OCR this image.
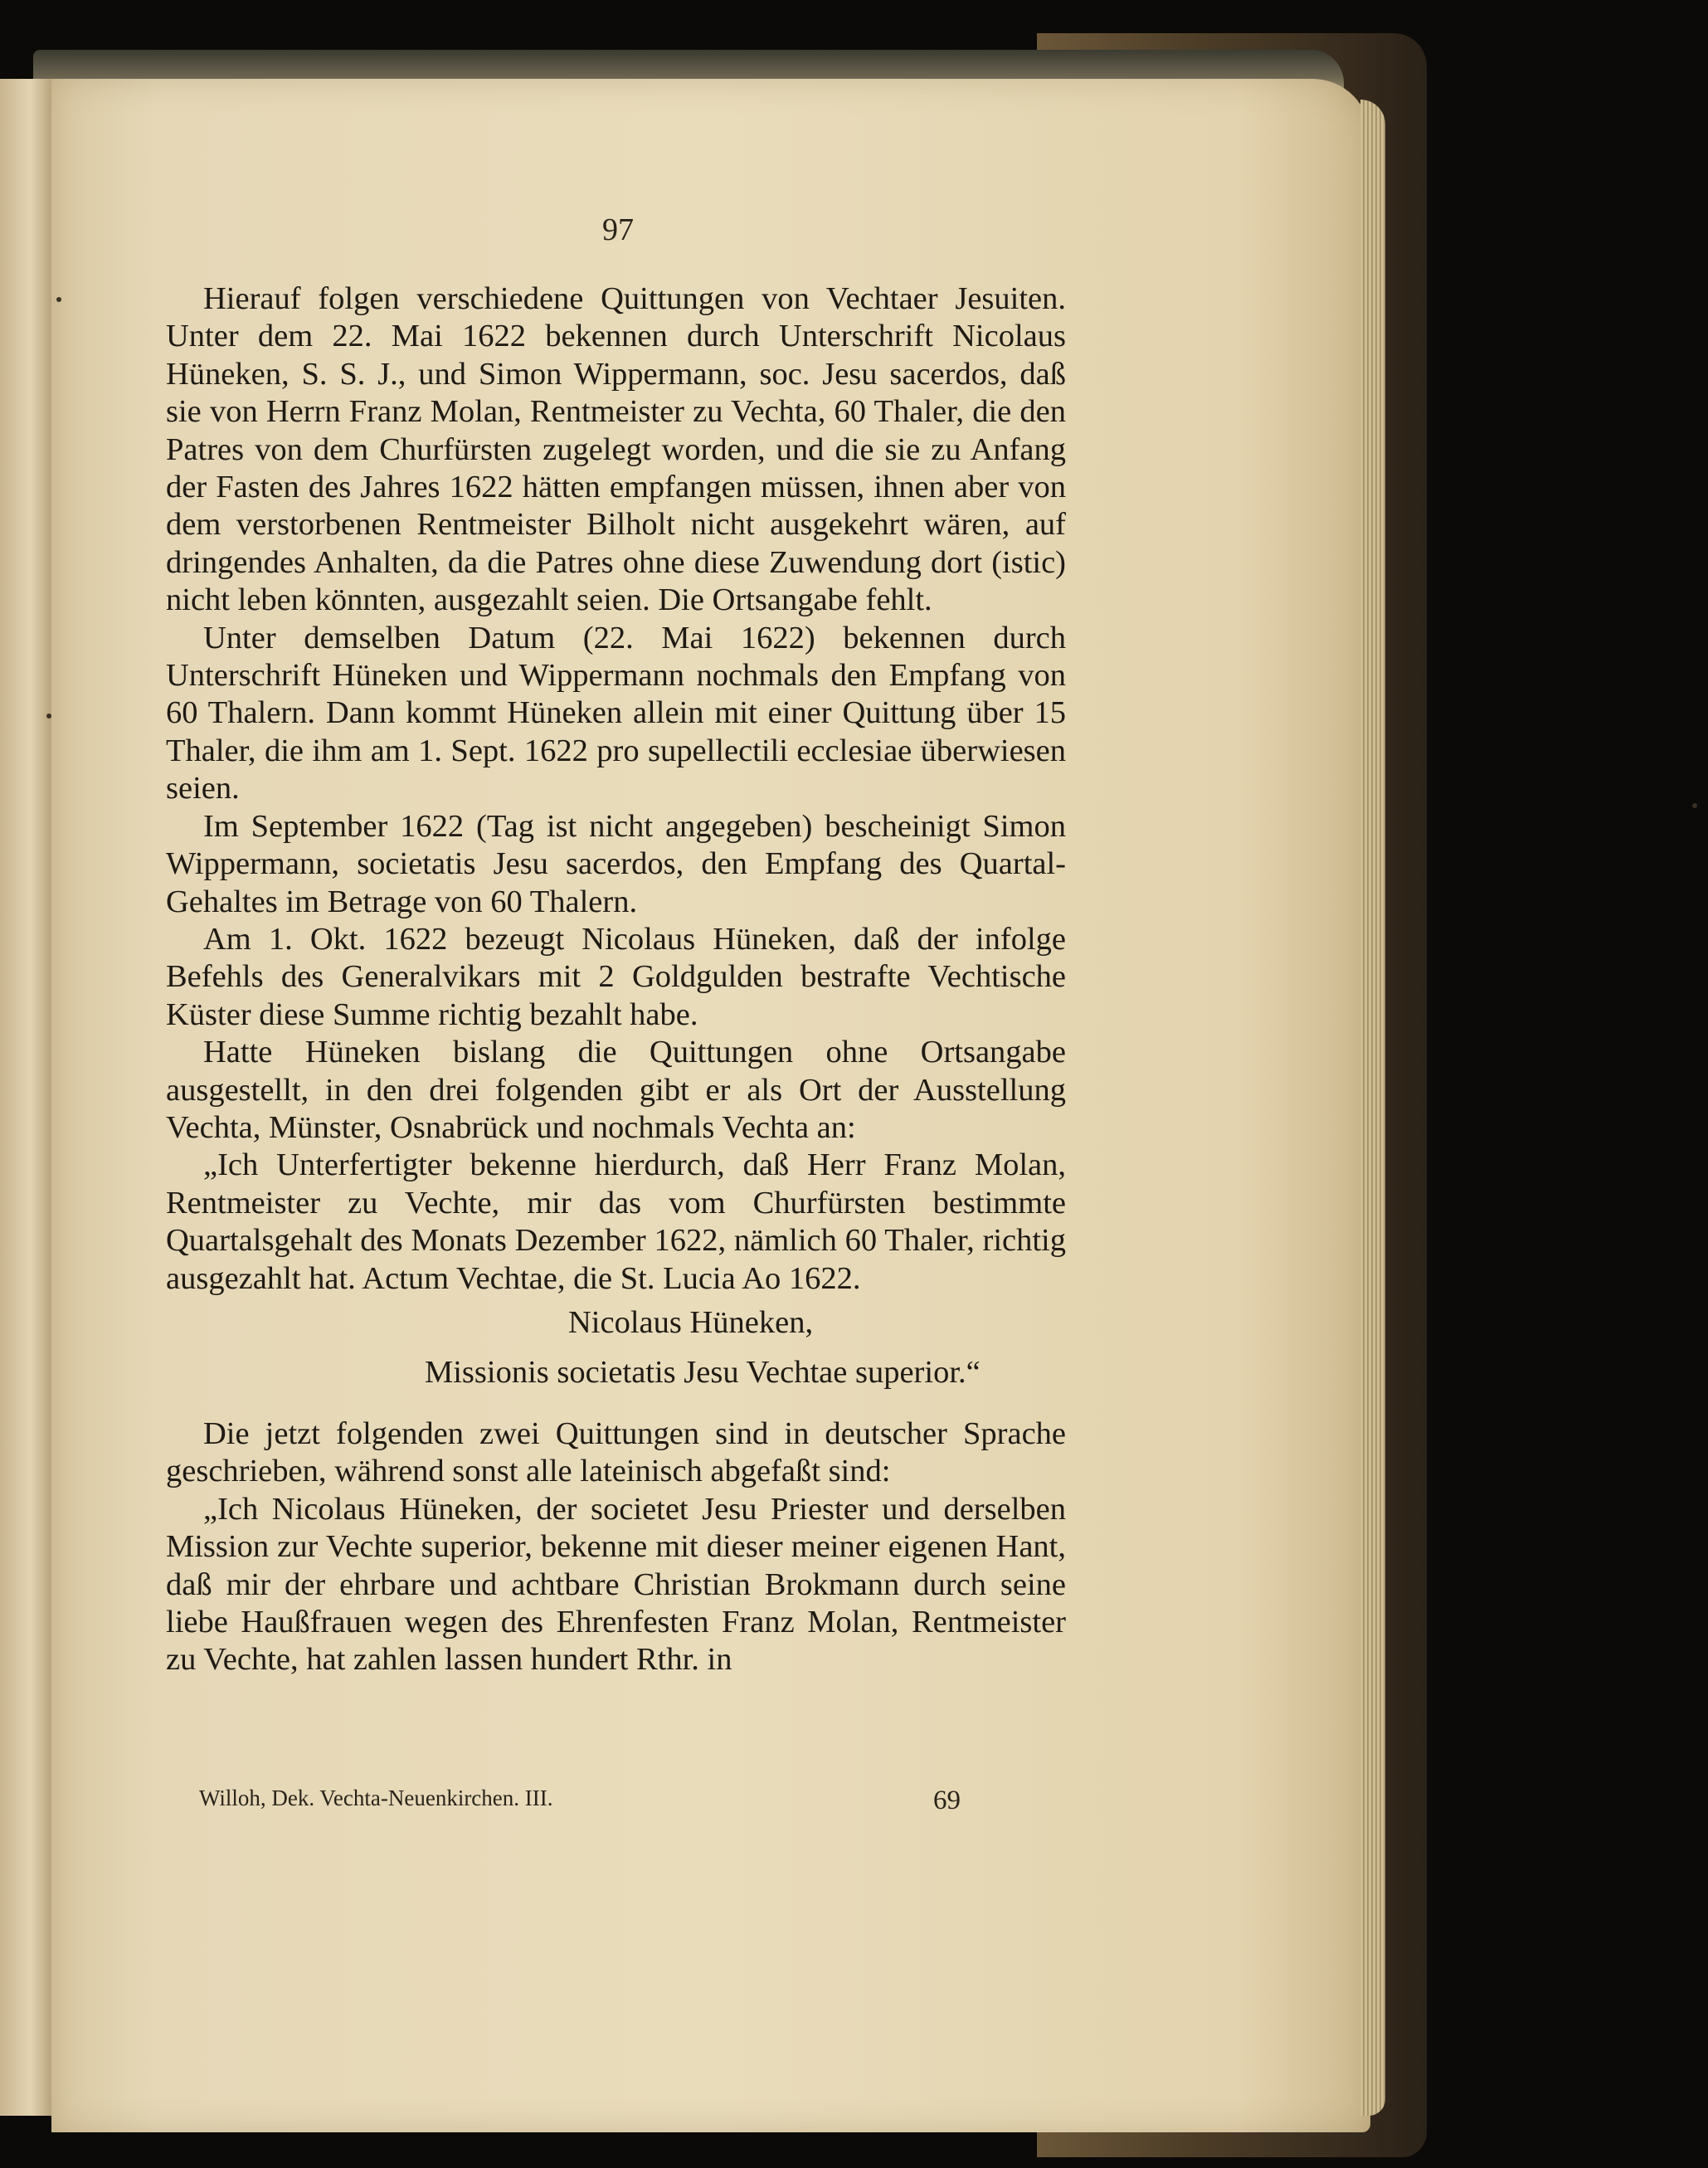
97

Hierauf folgen verschiedene Quittungen von Vechtaer Jesuiten. Unter dem 22. Mai 1622 bekennen durch Unterschrift Nicolaus Hüneken, S. S. J., und Simon Wippermann, soc. Jesu sacerdos, daß sie von Herrn Franz Molan, Rentmeister zu Vechta, 60 Thaler, die den Patres von dem Churfürsten zugelegt worden, und die sie zu Anfang der Fasten des Jahres 1622 hätten empfangen müssen, ihnen aber von dem verstorbenen Rentmeister Bilholt nicht ausgekehrt wären, auf dringendes Anhalten, da die Patres ohne diese Zuwendung dort (istic) nicht leben könnten, ausgezahlt seien. Die Ortsangabe fehlt.

Unter demselben Datum (22. Mai 1622) bekennen durch Unterschrift Hüneken und Wippermann nochmals den Empfang von 60 Thalern. Dann kommt Hüneken allein mit einer Quittung über 15 Thaler, die ihm am 1. Sept. 1622 pro supellectili ecclesiae überwiesen seien.

Im September 1622 (Tag ist nicht angegeben) bescheinigt Simon Wippermann, societatis Jesu sacerdos, den Empfang des Quartal-Gehaltes im Betrage von 60 Thalern.

Am 1. Okt. 1622 bezeugt Nicolaus Hüneken, daß der infolge Befehls des Generalvikars mit 2 Goldgulden bestrafte Vechtische Küster diese Summe richtig bezahlt habe.

Hatte Hüneken bislang die Quittungen ohne Ortsangabe ausgestellt, in den drei folgenden gibt er als Ort der Ausstellung Vechta, Münster, Osnabrück und nochmals Vechta an:

„Ich Unterfertigter bekenne hierdurch, daß Herr Franz Molan, Rentmeister zu Vechte, mir das vom Churfürsten bestimmte Quartalsgehalt des Monats Dezember 1622, nämlich 60 Thaler, richtig ausgezahlt hat. Actum Vechtae, die St. Lucia Ao 1622.

Nicolaus Hüneken,
Missionis societatis Jesu Vechtae superior.“

Die jetzt folgenden zwei Quittungen sind in deutscher Sprache geschrieben, während sonst alle lateinisch abgefaßt sind:

„Ich Nicolaus Hüneken, der societet Jesu Priester und derselben Mission zur Vechte superior, bekenne mit dieser meiner eigenen Hant, daß mir der ehrbare und achtbare Christian Brokmann durch seine liebe Haußfrauen wegen des Ehrenfesten Franz Molan, Rentmeister zu Vechte, hat zahlen lassen hundert Rthr. in

Willoh, Dek. Vechta-Neuenkirchen. III.	69
